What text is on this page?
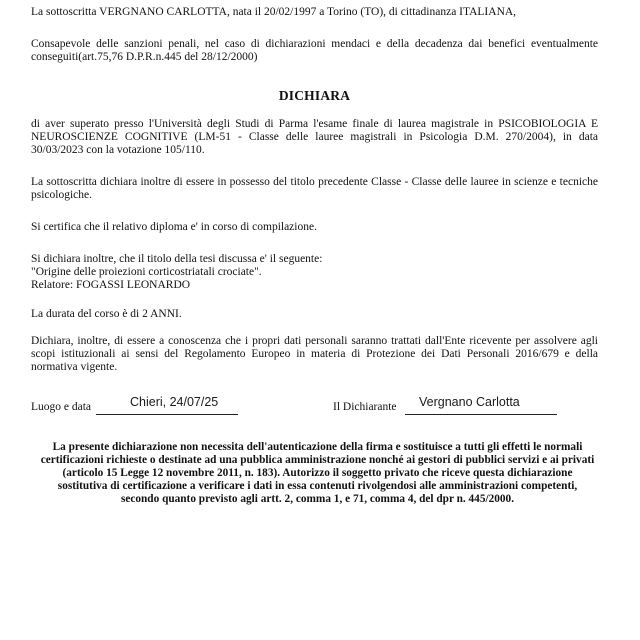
La sottoscritta VERGNANO CARLOTTA, nata il 20/02/1997 a Torino (TO), di cittadinanza ITALIANA,

Consapevole delle sanzioni penali, nel caso di dichiarazioni mendaci e della decadenza dai benefici eventualmente conseguiti(art.75,76 D.P.R.n.445 del 28/12/2000)

DICHIARA

di aver superato presso l'Università degli Studi di Parma l'esame finale di laurea magistrale in PSICOBIOLOGIA E NEUROSCIENZE COGNITIVE (LM-51 - Classe delle lauree magistrali in Psicologia D.M. 270/2004), in data 30/03/2023 con la votazione 105/110.

La sottoscritta dichiara inoltre di essere in possesso del titolo precedente Classe - Classe delle lauree in scienze e tecniche psicologiche.

Si certifica che il relativo diploma e' in corso di compilazione.

Si dichiara inoltre, che il titolo della tesi discussa e' il seguente:

"Origine delle proiezioni corticostriatali crociate".

Relatore: FOGASSI LEONARDO

La durata del corso è di 2 ANNI.

Dichiara, inoltre, di essere a conoscenza che i propri dati personali saranno trattati dall'Ente ricevente per assolvere agli scopi istituzionali ai sensi del Regolamento Europeo in materia di Protezione dei Dati Personali 2016/679 e della normativa vigente.

Luogo e data	Chieri, 24/07/25	Il Dichiarante Vergnano Carlotta

La presente dichiarazione non necessita dell'autenticazione della firma e sostituisce a tutti gli effetti le normali certificazioni richieste o destinate ad una pubblica amministrazione nonché ai gestori di pubblici servizi e ai privati (articolo 15 Legge 12 novembre 2011, n. 183). Autorizzo il soggetto privato che riceve questa dichiarazione sostitutiva di certificazione a verificare i dati in essa contenuti rivolgendosi alle amministrazioni competenti, secondo quanto previsto agli artt. 2, comma 1, e 71, comma 4, del dpr n. 445/2000.
